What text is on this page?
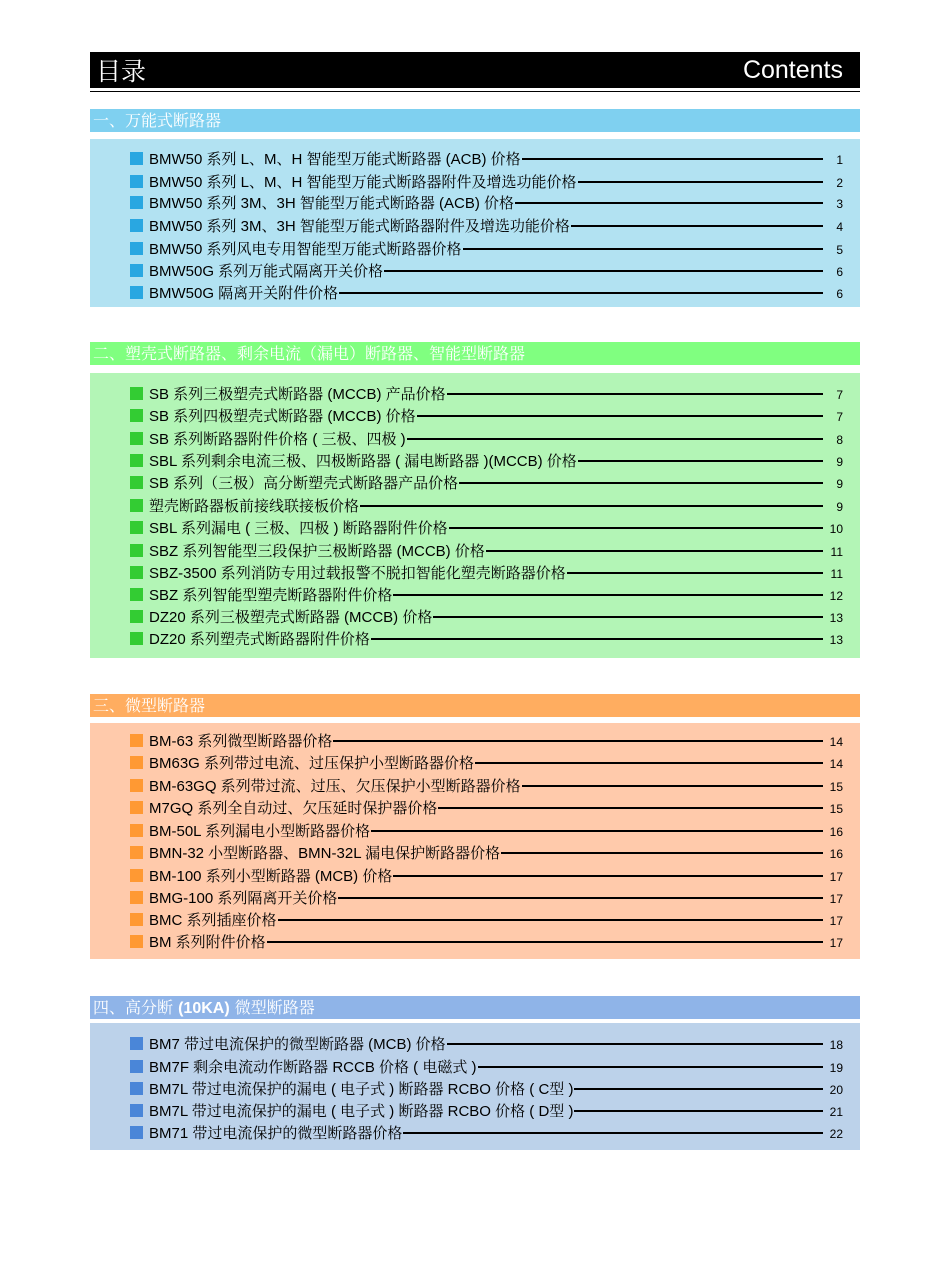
目录	Contents
一、万能式断路器
BMW50 系列 L、M、H 智能型万能式断路器 (ACB) 价格	1
BMW50 系列 L、M、H 智能型万能式断路器附件及增选功能价格	2
BMW50 系列 3M、3H 智能型万能式断路器 (ACB) 价格	3
BMW50 系列 3M、3H 智能型万能式断路器附件及增选功能价格	4
BMW50 系列风电专用智能型万能式断路器价格	5
BMW50G 系列万能式隔离开关价格	6
BMW50G 隔离开关附件价格	6
二、塑壳式断路器、剩余电流（漏电）断路器、智能型断路器
SB 系列三极塑壳式断路器 (MCCB) 产品价格	7
SB 系列四极塑壳式断路器 (MCCB) 价格	7
SB 系列断路器附件价格 ( 三极、四极 )	8
SBL 系列剩余电流三极、四极断路器 ( 漏电断路器 )(MCCB) 价格	9
SB 系列（三极）高分断塑壳式断路器产品价格	9
塑壳断路器板前接线联接板价格	9
SBL 系列漏电 ( 三极、四极 ) 断路器附件价格	10
SBZ 系列智能型三段保护三极断路器 (MCCB) 价格	11
SBZ-3500 系列消防专用过载报警不脱扣智能化塑壳断路器价格	11
SBZ 系列智能型塑壳断路器附件价格	12
DZ20 系列三极塑壳式断路器 (MCCB) 价格	13
DZ20 系列塑壳式断路器附件价格	13
三、微型断路器
BM-63 系列微型断路器价格	14
BM63G 系列带过电流、过压保护小型断路器价格	14
BM-63GQ 系列带过流、过压、欠压保护小型断路器价格	15
M7GQ 系列全自动过、欠压延时保护器价格	15
BM-50L 系列漏电小型断路器价格	16
BMN-32 小型断路器、BMN-32L 漏电保护断路器价格	16
BM-100 系列小型断路器 (MCB) 价格	17
BMG-100 系列隔离开关价格	17
BMC 系列插座价格	17
BM 系列附件价格	17
四、高分断 (10KA) 微型断路器
BM7 带过电流保护的微型断路器 (MCB) 价格	18
BM7F 剩余电流动作断路器 RCCB 价格 ( 电磁式 )	19
BM7L 带过电流保护的漏电 ( 电子式 ) 断路器 RCBO 价格 ( C型 )	20
BM7L 带过电流保护的漏电 ( 电子式 ) 断路器 RCBO 价格 ( D型 )	21
BM71 带过电流保护的微型断路器价格	22
